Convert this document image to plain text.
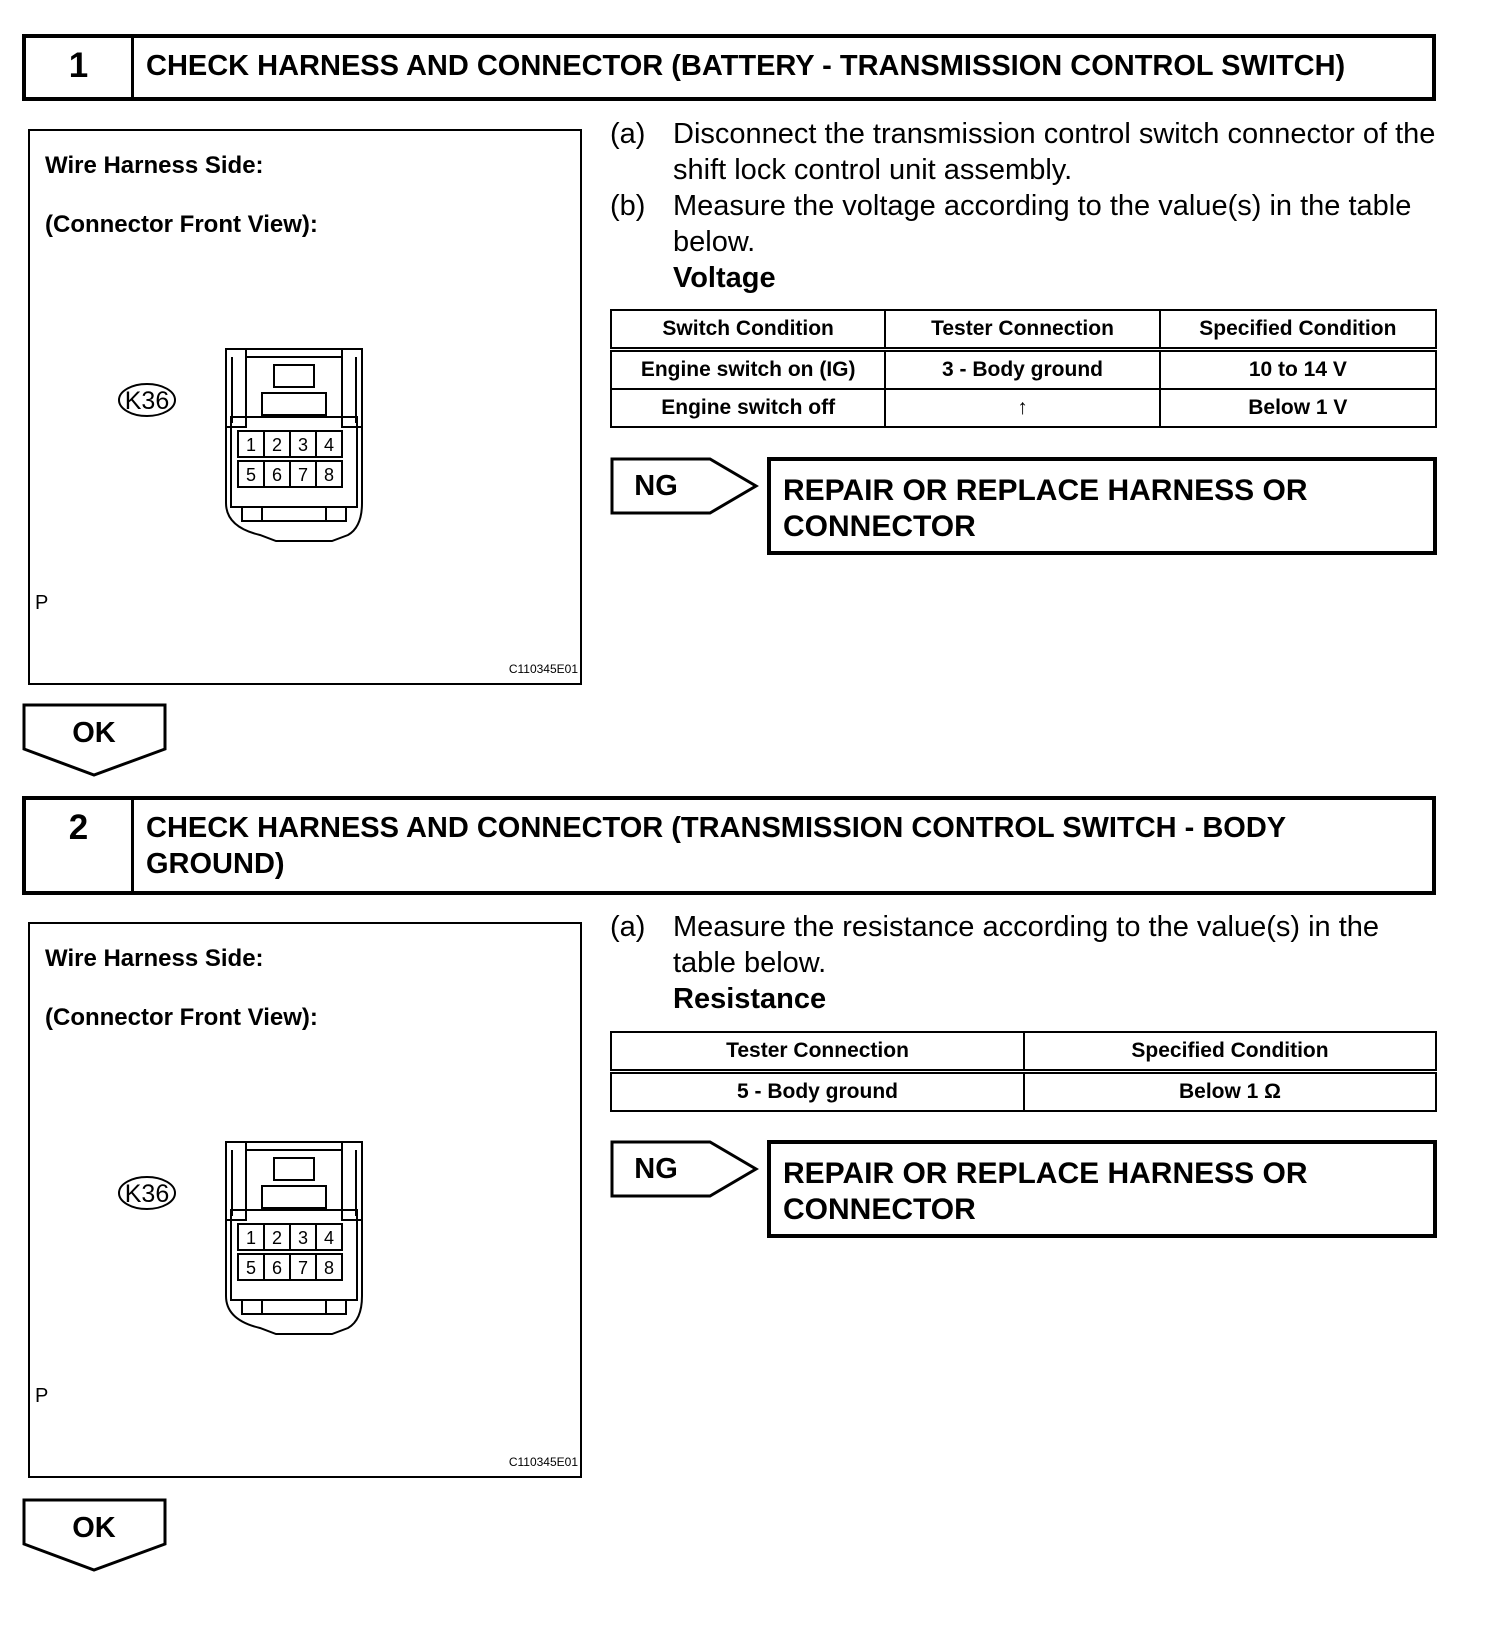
1	CHECK HARNESS AND CONNECTOR (BATTERY - TRANSMISSION CONTROL SWITCH)
Wire Harness Side:
(Connector Front View):
K36
1 2 3 4
5 6 7 8
P
C110345E01
(a) Disconnect the transmission control switch connector of the shift lock control unit assembly.
(b) Measure the voltage according to the value(s) in the table below.
Voltage
Switch Condition	Tester Connection	Specified Condition
Engine switch on (IG)	3 - Body ground	10 to 14 V
Engine switch off	↑	Below 1 V
NG	REPAIR OR REPLACE HARNESS OR CONNECTOR
OK
2	CHECK HARNESS AND CONNECTOR (TRANSMISSION CONTROL SWITCH - BODY GROUND)
Wire Harness Side:
(Connector Front View):
K36
1 2 3 4
5 6 7 8
P
C110345E01
(a) Measure the resistance according to the value(s) in the table below.
Resistance
Tester Connection	Specified Condition
5 - Body ground	Below 1 Ω
NG	REPAIR OR REPLACE HARNESS OR CONNECTOR
OK
